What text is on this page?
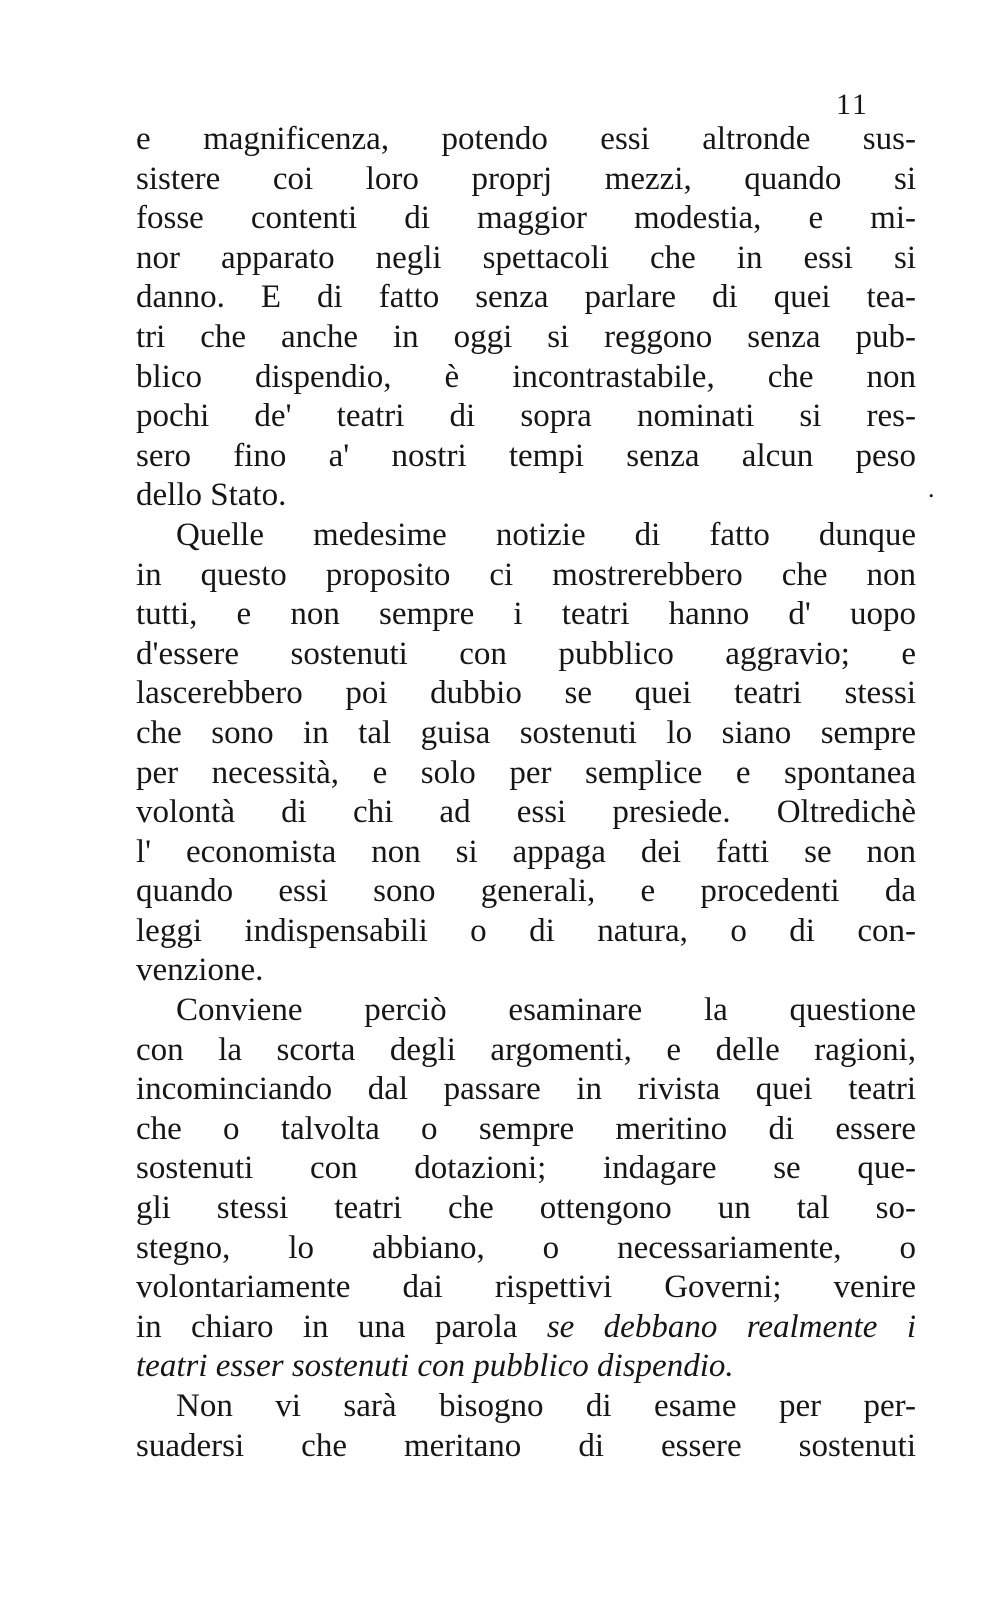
11
.
e magnificenza, potendo essi altronde sus-
sistere coi loro proprj mezzi, quando si
fosse contenti di maggior modestia, e mi-
nor apparato negli spettacoli che in essi si
danno. E di fatto senza parlare di quei tea-
tri che anche in oggi si reggono senza pub-
blico dispendio, è incontrastabile, che non
pochi de' teatri di sopra nominati si res-
sero fino a' nostri tempi senza alcun peso
dello Stato.
Quelle medesime notizie di fatto dunque
in questo proposito ci mostrerebbero che non
tutti, e non sempre i teatri hanno d' uopo
d'essere sostenuti con pubblico aggravio; e
lascerebbero poi dubbio se quei teatri stessi
che sono in tal guisa sostenuti lo siano sempre
per necessità, e solo per semplice e spontanea
volontà di chi ad essi presiede. Oltredichè
l' economista non si appaga dei fatti se non
quando essi sono generali, e procedenti da
leggi indispensabili o di natura, o di con-
venzione.
Conviene perciò esaminare la questione
con la scorta degli argomenti, e delle ragioni,
incominciando dal passare in rivista quei teatri
che o talvolta o sempre meritino di essere
sostenuti con dotazioni; indagare se que-
gli stessi teatri che ottengono un tal so-
stegno, lo abbiano, o necessariamente, o
volontariamente dai rispettivi Governi; venire
in chiaro in una parola se debbano realmente i
teatri esser sostenuti con pubblico dispendio.
Non vi sarà bisogno di esame per per-
suadersi che meritano di essere sostenuti
